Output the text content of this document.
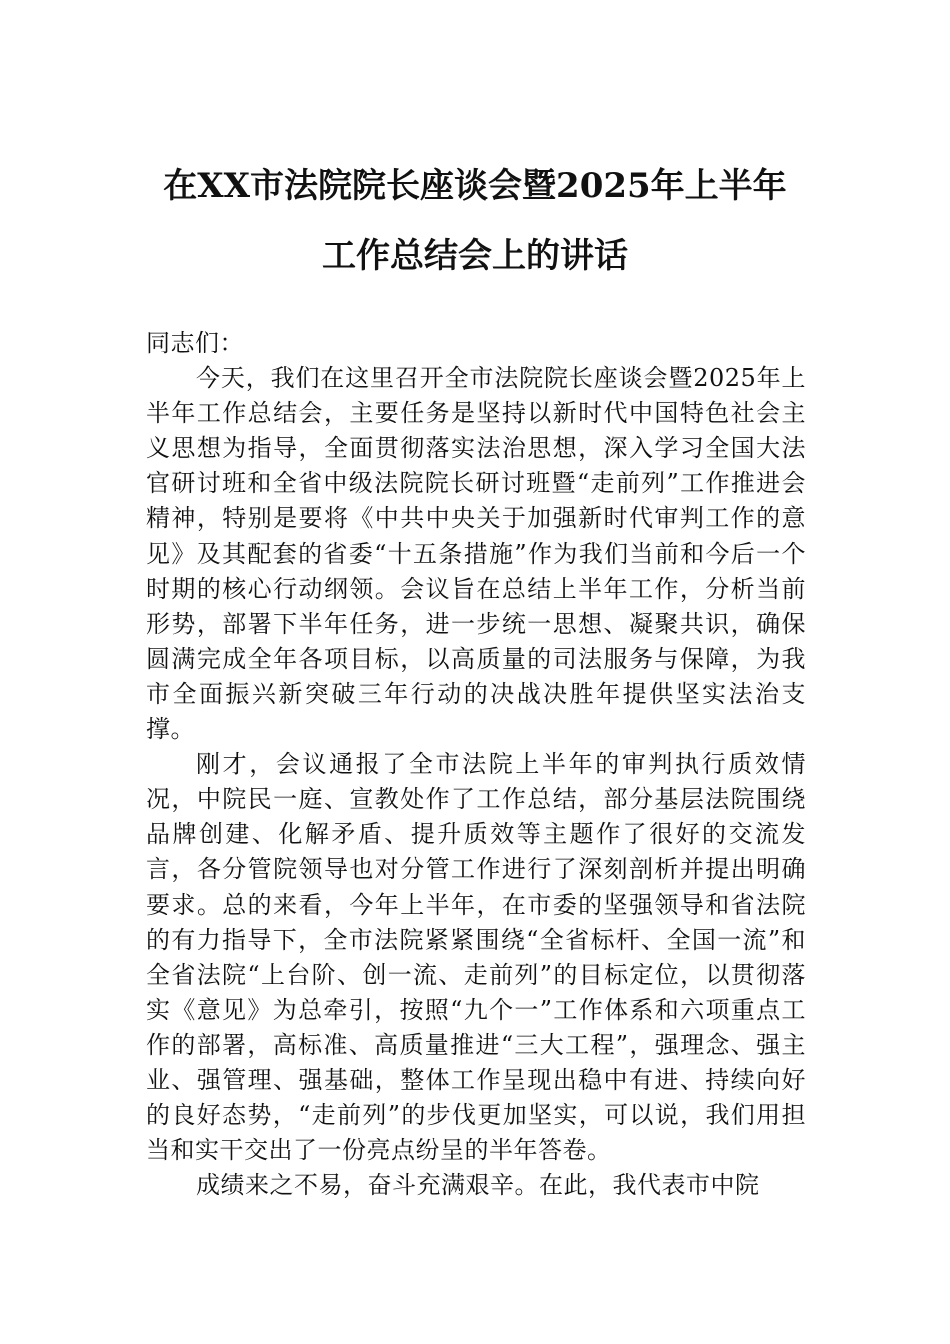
在XX市法院院长座谈会暨2025年上半年
工作总结会上的讲话

同志们：

今天，我们在这里召开全市法院院长座谈会暨2025年上半年工作总结会，主要任务是坚持以新时代中国特色社会主义思想为指导，全面贯彻落实法治思想，深入学习全国大法官研讨班和全省中级法院院长研讨班暨“走前列”工作推进会精神，特别是要将《中共中央关于加强新时代审判工作的意见》及其配套的省委“十五条措施”作为我们当前和今后一个时期的核心行动纲领。会议旨在总结上半年工作，分析当前形势，部署下半年任务，进一步统一思想、凝聚共识，确保圆满完成全年各项目标，以高质量的司法服务与保障，为我市全面振兴新突破三年行动的决战决胜年提供坚实法治支撑。

刚才，会议通报了全市法院上半年的审判执行质效情况，中院民一庭、宣教处作了工作总结，部分基层法院围绕品牌创建、化解矛盾、提升质效等主题作了很好的交流发言，各分管院领导也对分管工作进行了深刻剖析并提出明确要求。总的来看，今年上半年，在市委的坚强领导和省法院的有力指导下，全市法院紧紧围绕“全省标杆、全国一流”和全省法院“上台阶、创一流、走前列”的目标定位，以贯彻落实《意见》为总牵引，按照“九个一”工作体系和六项重点工作的部署，高标准、高质量推进“三大工程”，强理念、强主业、强管理、强基础，整体工作呈现出稳中有进、持续向好的良好态势，“走前列”的步伐更加坚实，可以说，我们用担当和实干交出了一份亮点纷呈的半年答卷。

成绩来之不易，奋斗充满艰辛。在此，我代表市中院
